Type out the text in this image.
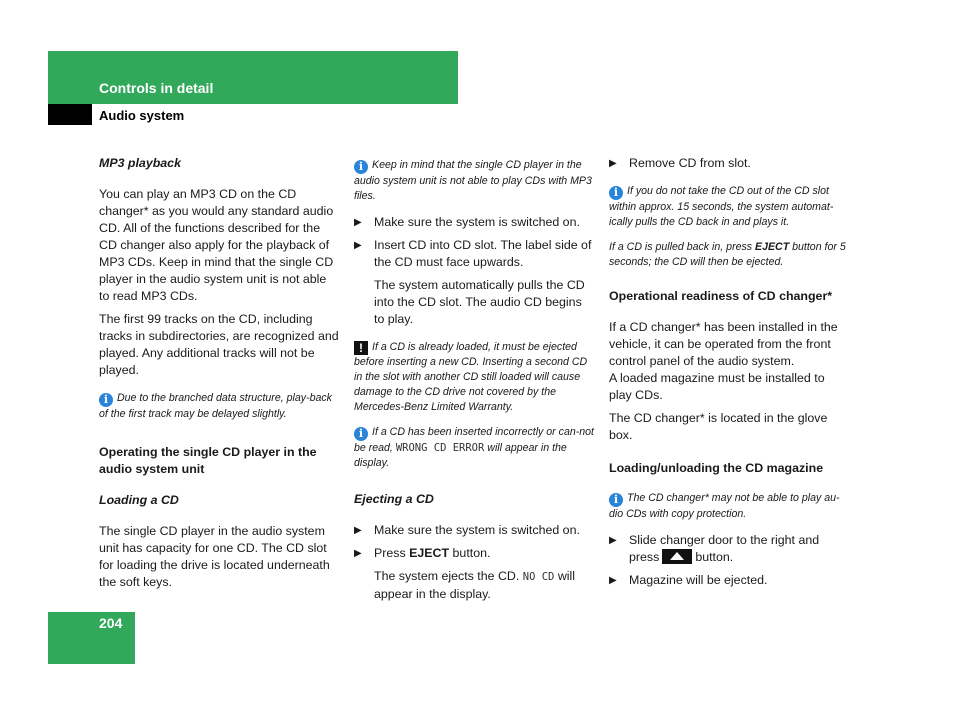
Controls in detail
Audio system

MP3 playback

You can play an MP3 CD on the CD changer* as you would any standard audio CD. All of the functions described for the CD changer also apply for the playback of MP3 CDs. Keep in mind that the single CD player in the audio system unit is not able to read MP3 CDs.

The first 99 tracks on the CD, including tracks in subdirectories, are recognized and played. Any additional tracks will not be played.

i Due to the branched data structure, play-back of the first track may be delayed slightly.

Operating the single CD player in the audio system unit

Loading a CD

The single CD player in the audio system unit has capacity for one CD. The CD slot for loading the drive is located underneath the soft keys.

i Keep in mind that the single CD player in the audio system unit is not able to play CDs with MP3 files.

▶ Make sure the system is switched on.

▶ Insert CD into CD slot. The label side of the CD must face upwards.

The system automatically pulls the CD into the CD slot. The audio CD begins to play.

! If a CD is already loaded, it must be ejected before inserting a new CD. Inserting a second CD in the slot with another CD still loaded will cause damage to the CD drive not covered by the Mercedes-Benz Limited Warranty.

i If a CD has been inserted incorrectly or can-not be read, WRONG CD ERROR will appear in the display.

Ejecting a CD

▶ Make sure the system is switched on.

▶ Press EJECT button.

The system ejects the CD. NO CD will appear in the display.

▶ Remove CD from slot.

i If you do not take the CD out of the CD slot within approx. 15 seconds, the system automat-ically pulls the CD back in and plays it.

If a CD is pulled back in, press EJECT button for 5 seconds; the CD will then be ejected.

Operational readiness of CD changer*

If a CD changer* has been installed in the vehicle, it can be operated from the front control panel of the audio system.

A loaded magazine must be installed to play CDs.

The CD changer* is located in the glove box.

Loading/unloading the CD magazine

i The CD changer* may not be able to play au-dio CDs with copy protection.

▶ Slide changer door to the right and press	button.

▶ Magazine will be ejected.

204
